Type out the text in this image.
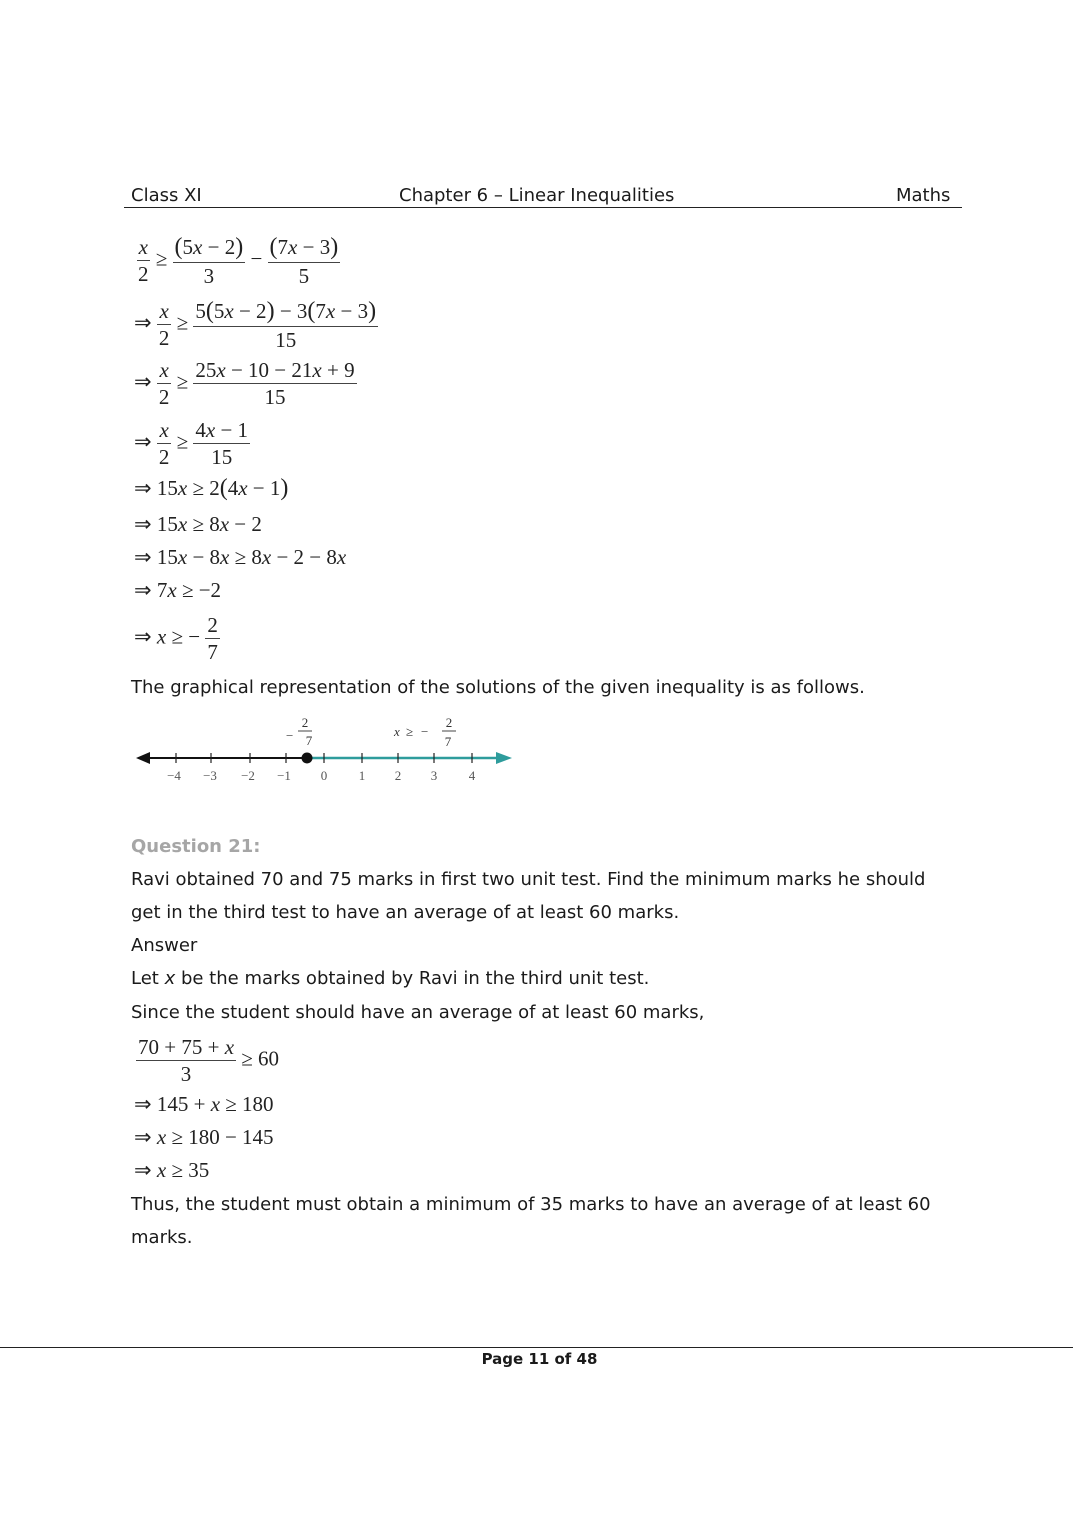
Class XI	Chapter 6 – Linear Inequalities	Maths
$\frac{x}{2} \ge \frac{(5x - 2)}{3} - \frac{(7x - 3)}{5}$
⇒ $\frac{x}{2} \ge \frac{5(5x - 2) - 3(7x - 3)}{15}$
⇒ $\frac{x}{2} \ge \frac{25x - 10 - 21x + 9}{15}$
⇒ $\frac{x}{2} \ge \frac{4x - 1}{15}$
⇒ 15x ≥ 2(4x − 1)
⇒ 15x ≥ 8x − 2
⇒ 15x − 8x ≥ 8x − 2 − 8x
⇒ 7x ≥ −2
⇒ x ≥ − $\frac{2}{7}$
The graphical representation of the solutions of the given inequality is as follows.
−
2
7
x ≥ −
2
7
−4 −3 −2 −1 0 1 2 3 4
Question 21:
Ravi obtained 70 and 75 marks in first two unit test. Find the minimum marks he should
get in the third test to have an average of at least 60 marks.
Answer
Let x be the marks obtained by Ravi in the third unit test.
Since the student should have an average of at least 60 marks,
$\frac{70 + 75 + x}{3} \ge 60$
⇒ 145 + x ≥ 180
⇒ x ≥ 180 − 145
⇒ x ≥ 35
Thus, the student must obtain a minimum of 35 marks to have an average of at least 60
marks.
Page 11 of 48
